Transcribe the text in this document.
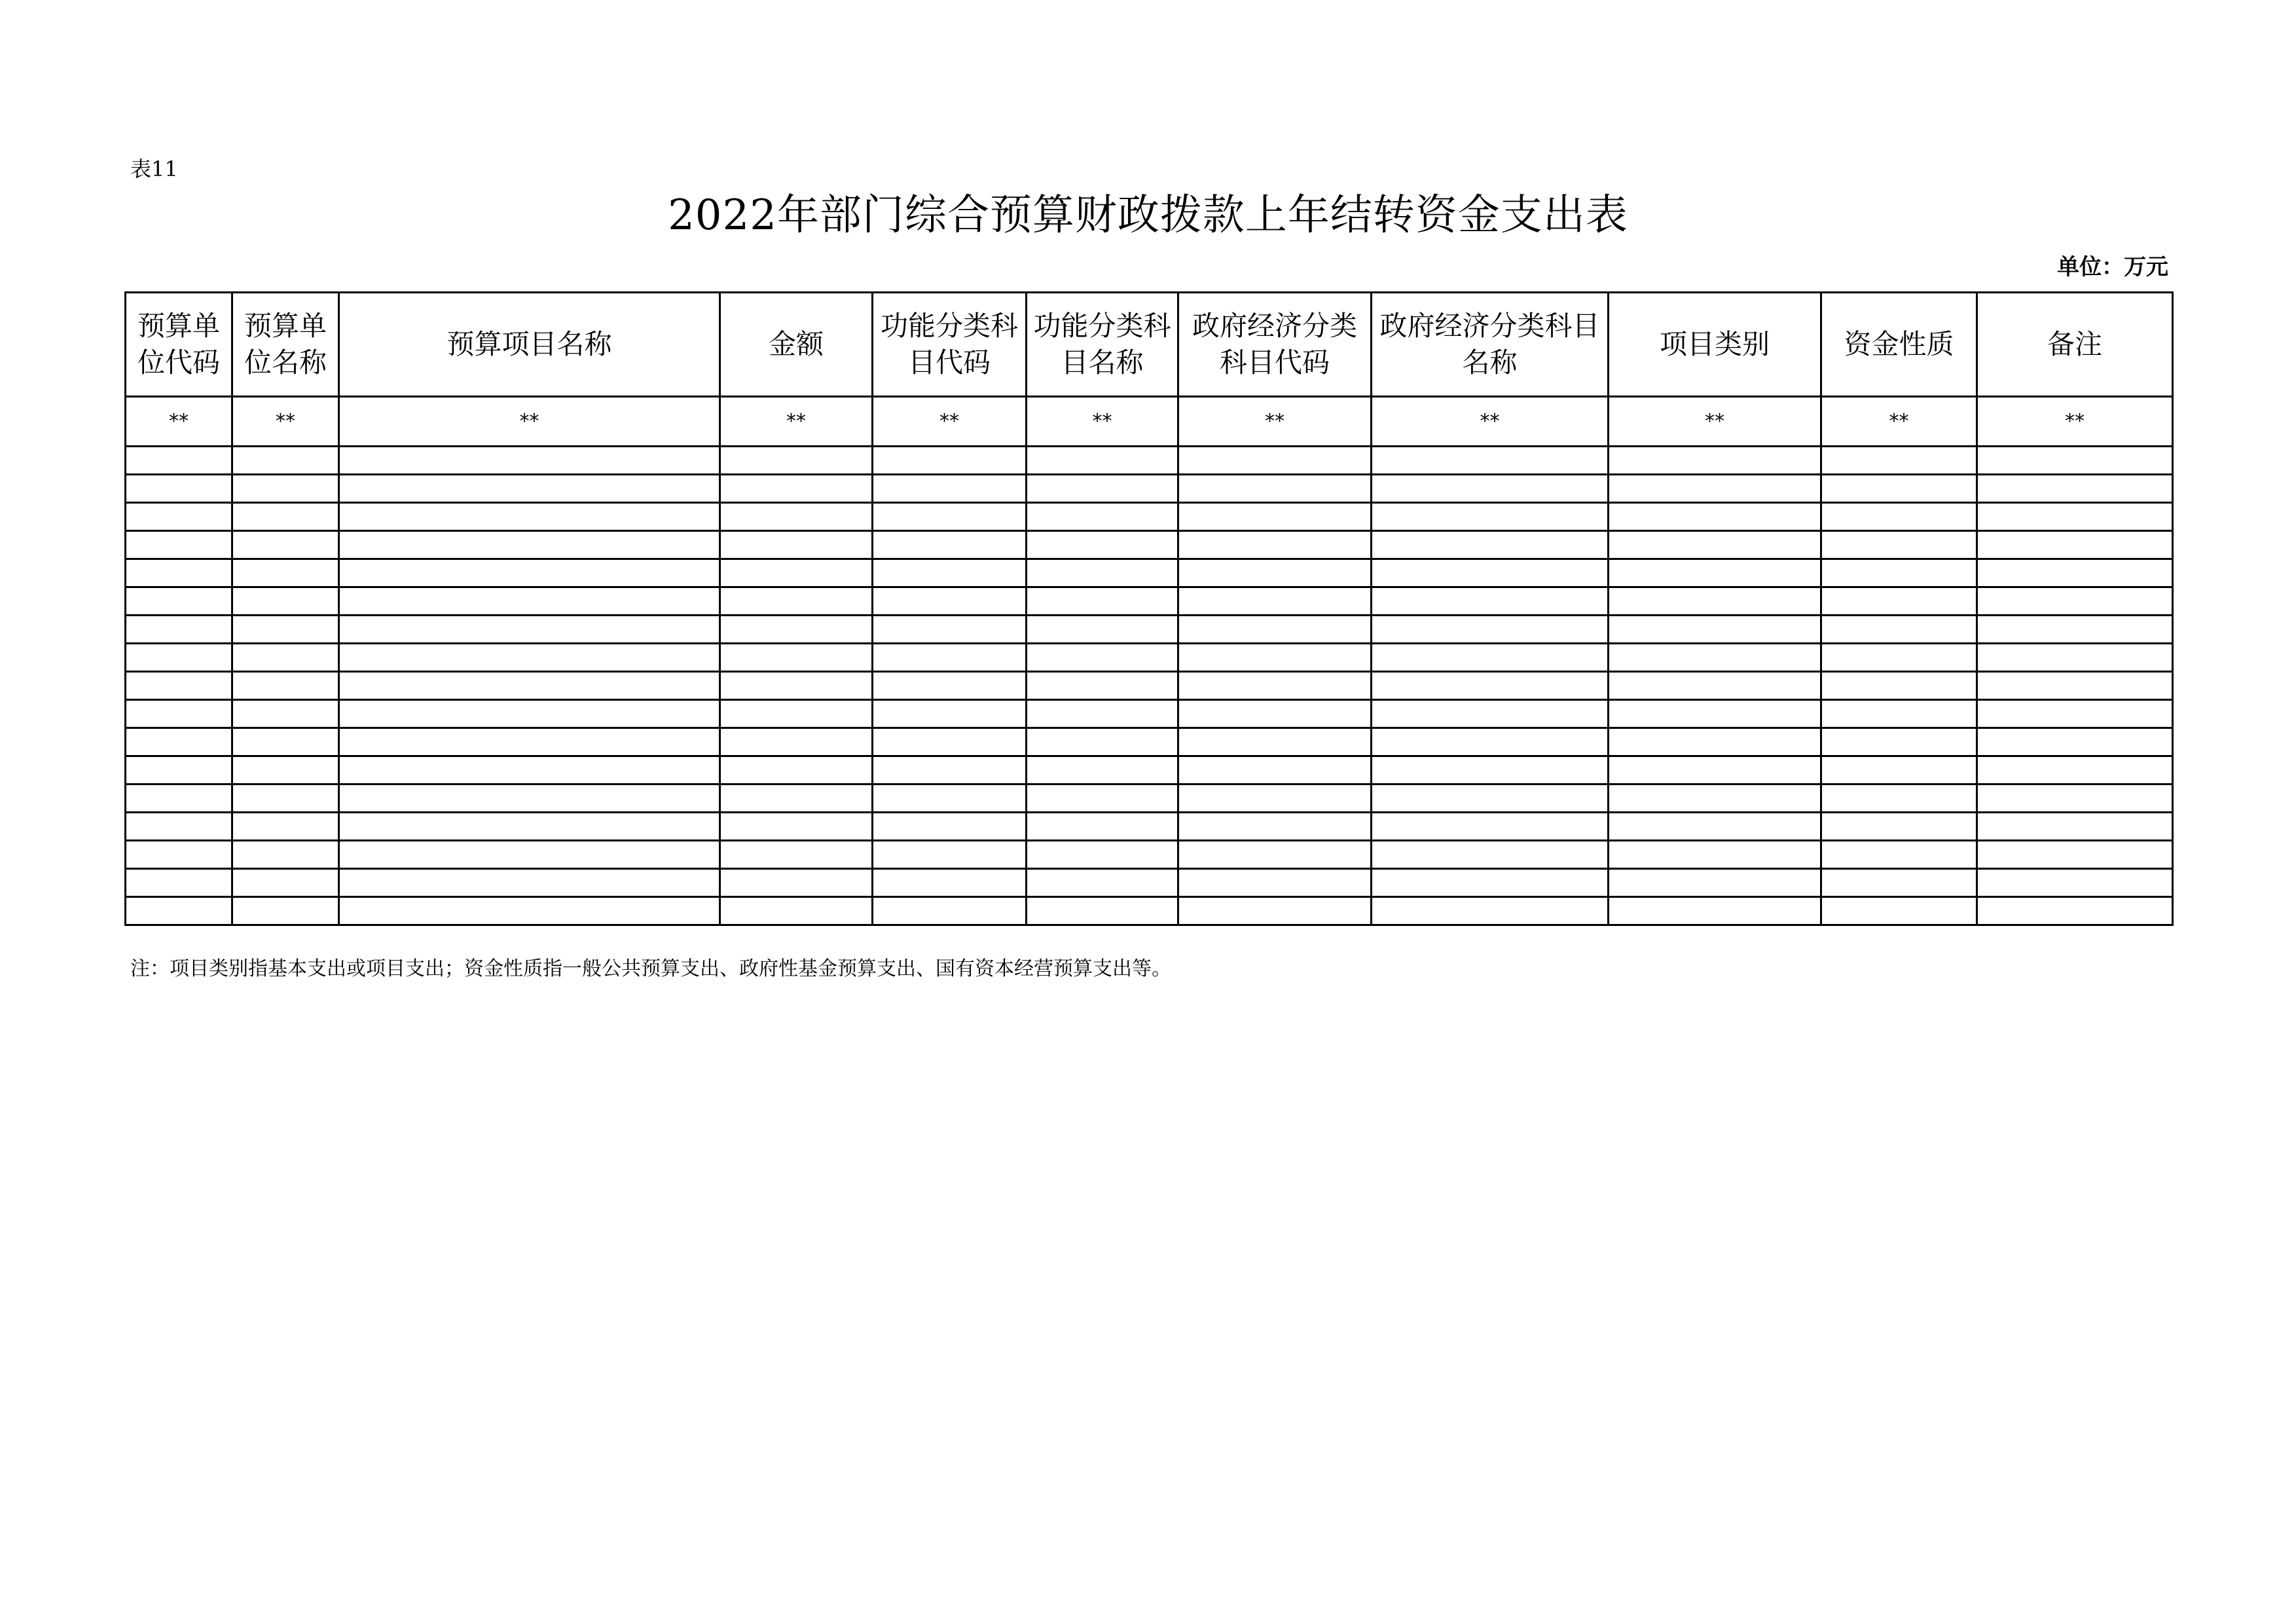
表11
2022年部门综合预算财政拨款上年结转资金支出表
单位：万元
预算单位代码	预算单位名称	预算项目名称	金额	功能分类科目代码	功能分类科目名称	政府经济分类科目代码	政府经济分类科目名称	项目类别	资金性质	备注
**	**	**	**	**	**	**	**	**	**	**

注：项目类别指基本支出或项目支出；资金性质指一般公共预算支出、政府性基金预算支出、国有资本经营预算支出等。
